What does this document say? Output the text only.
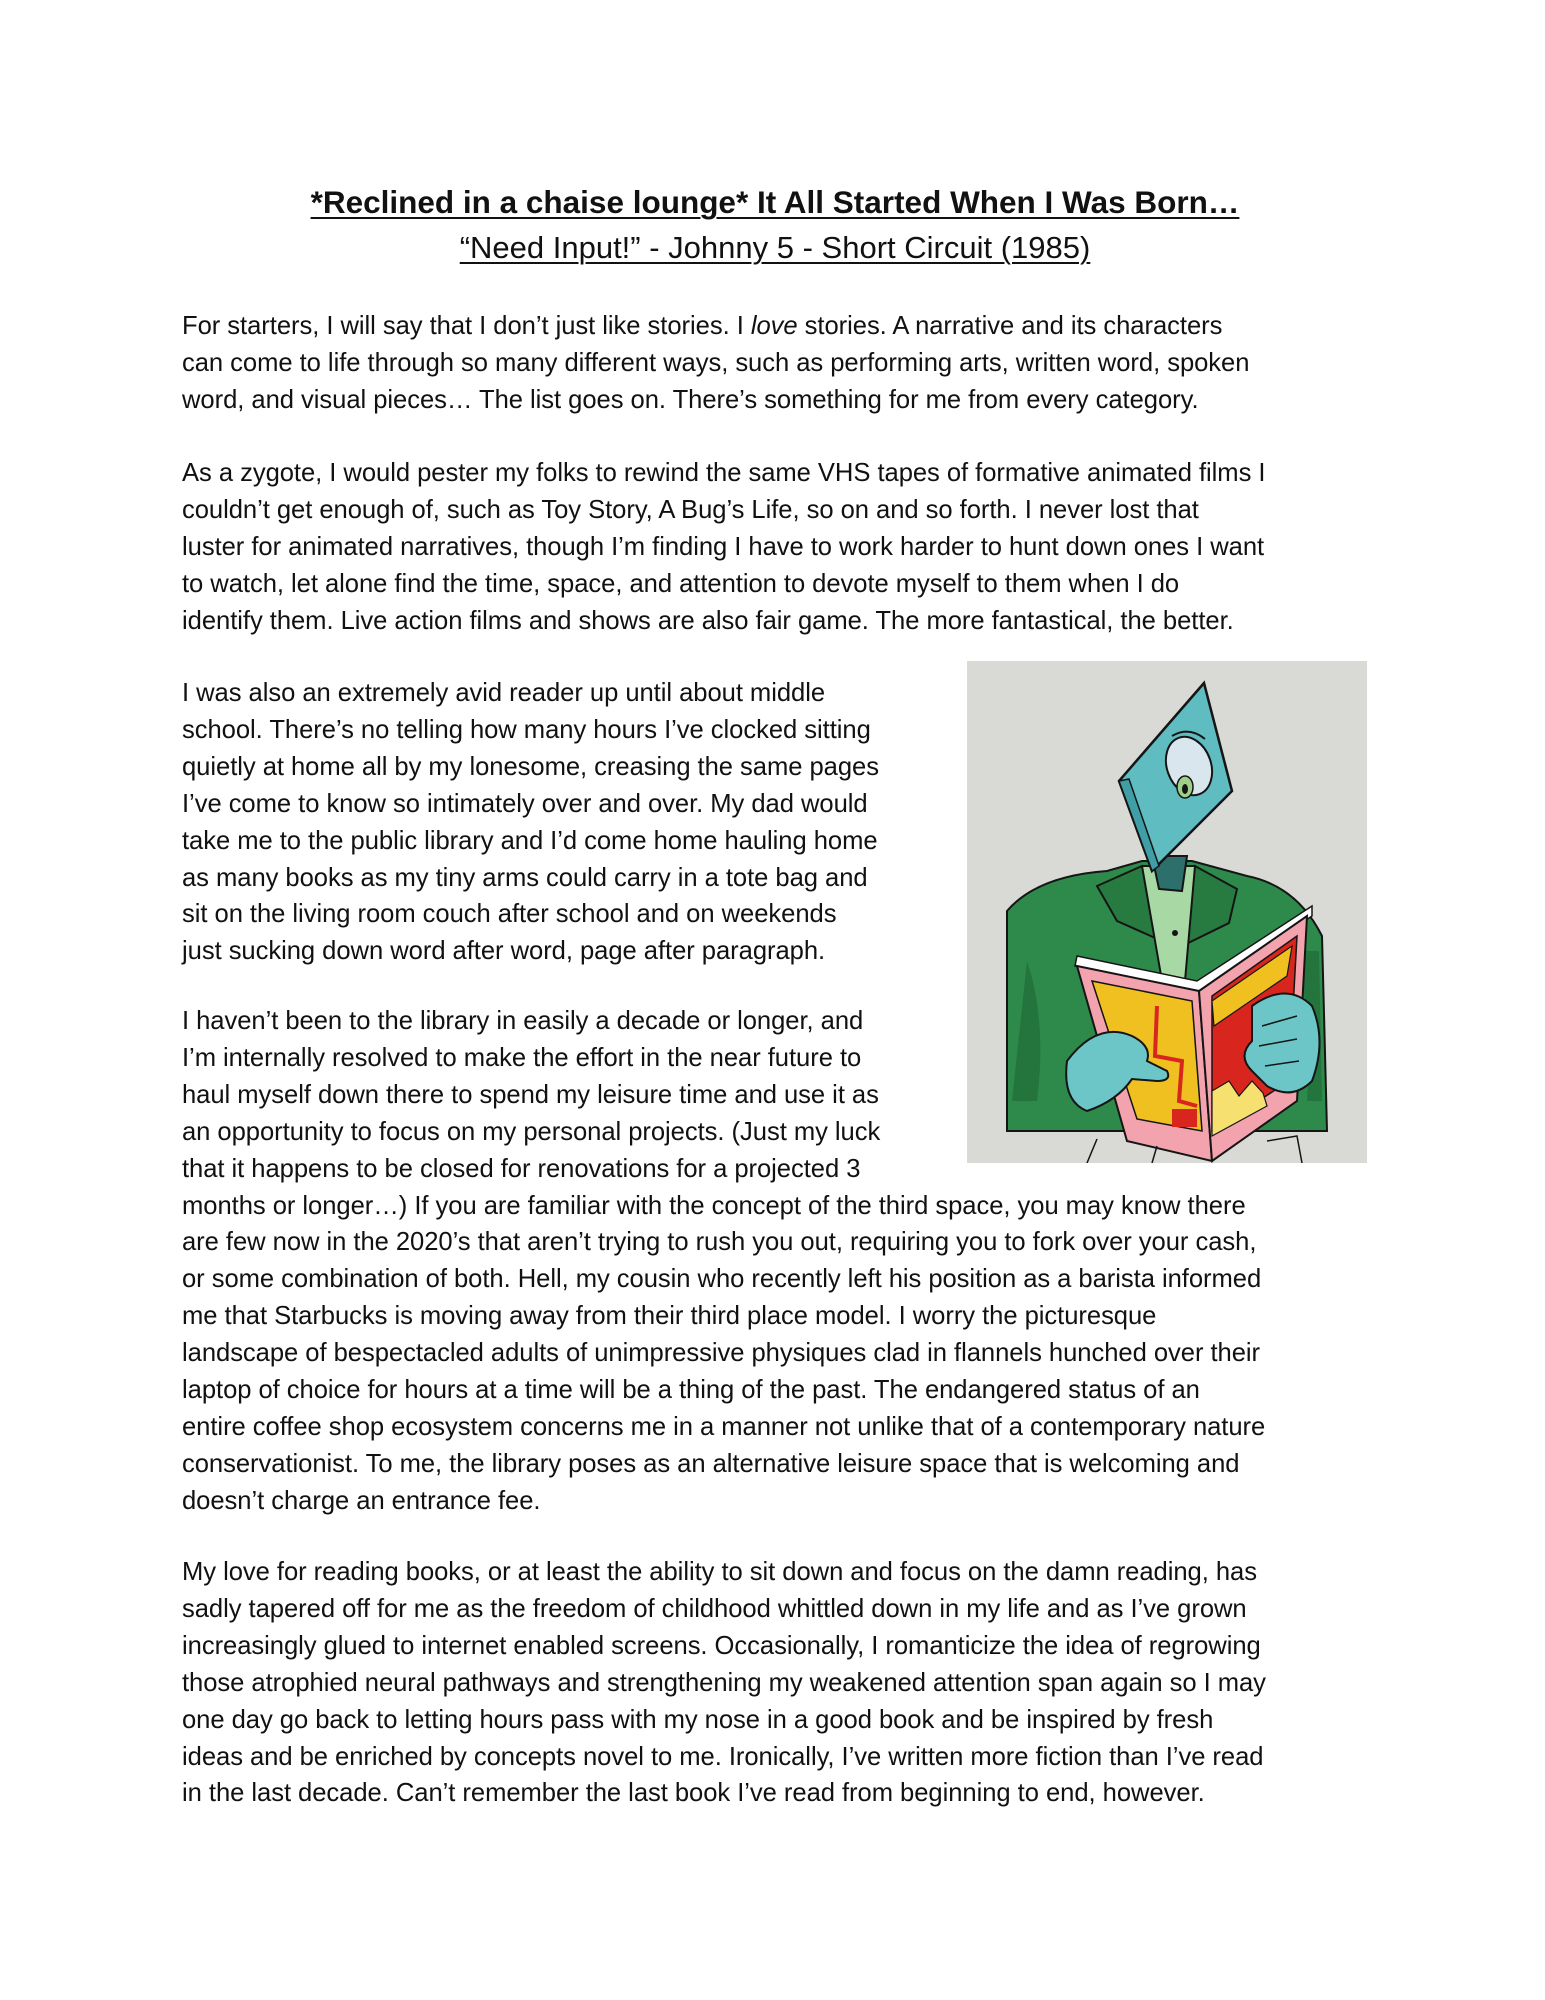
*Reclined in a chaise lounge* It All Started When I Was Born…
“Need Input!” - Johnny 5 - Short Circuit (1985)

For starters, I will say that I don’t just like stories. I love stories. A narrative and its characters
can come to life through so many different ways, such as performing arts, written word, spoken
word, and visual pieces… The list goes on. There’s something for me from every category.

As a zygote, I would pester my folks to rewind the same VHS tapes of formative animated films I
couldn’t get enough of, such as Toy Story, A Bug’s Life, so on and so forth. I never lost that
luster for animated narratives, though I’m finding I have to work harder to hunt down ones I want
to watch, let alone find the time, space, and attention to devote myself to them when I do
identify them. Live action films and shows are also fair game. The more fantastical, the better.

I was also an extremely avid reader up until about middle
school. There’s no telling how many hours I’ve clocked sitting
quietly at home all by my lonesome, creasing the same pages
I’ve come to know so intimately over and over. My dad would
take me to the public library and I’d come home hauling home
as many books as my tiny arms could carry in a tote bag and
sit on the living room couch after school and on weekends
just sucking down word after word, page after paragraph.

I haven’t been to the library in easily a decade or longer, and
I’m internally resolved to make the effort in the near future to
haul myself down there to spend my leisure time and use it as
an opportunity to focus on my personal projects. (Just my luck
that it happens to be closed for renovations for a projected 3
months or longer…) If you are familiar with the concept of the third space, you may know there
are few now in the 2020’s that aren’t trying to rush you out, requiring you to fork over your cash,
or some combination of both. Hell, my cousin who recently left his position as a barista informed
me that Starbucks is moving away from their third place model. I worry the picturesque
landscape of bespectacled adults of unimpressive physiques clad in flannels hunched over their
laptop of choice for hours at a time will be a thing of the past. The endangered status of an
entire coffee shop ecosystem concerns me in a manner not unlike that of a contemporary nature
conservationist. To me, the library poses as an alternative leisure space that is welcoming and
doesn’t charge an entrance fee.

My love for reading books, or at least the ability to sit down and focus on the damn reading, has
sadly tapered off for me as the freedom of childhood whittled down in my life and as I’ve grown
increasingly glued to internet enabled screens. Occasionally, I romanticize the idea of regrowing
those atrophied neural pathways and strengthening my weakened attention span again so I may
one day go back to letting hours pass with my nose in a good book and be inspired by fresh
ideas and be enriched by concepts novel to me. Ironically, I’ve written more fiction than I’ve read
in the last decade. Can’t remember the last book I’ve read from beginning to end, however.
